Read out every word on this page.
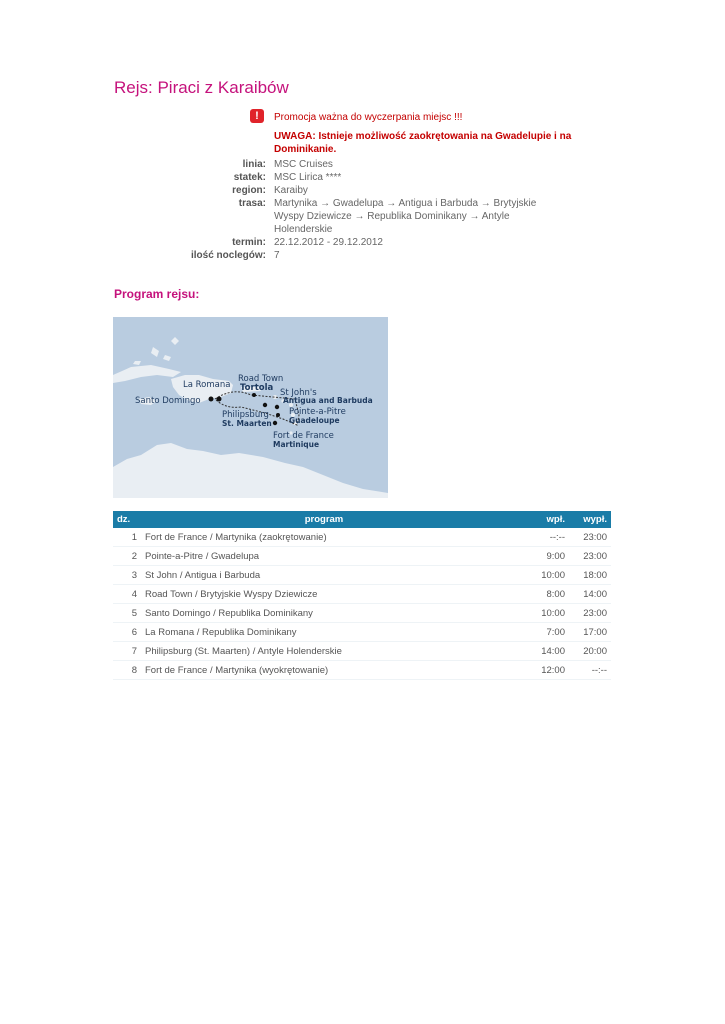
Rejs: Piraci z Karaibów
!	Promocja ważna do wyczerpania miejsc !!!
UWAGA: Istnieje możliwość zaokrętowania na Gwadelupie i na Dominikanie.
linia: MSC Cruises
statek: MSC Lirica ****
region: Karaiby
trasa: Martynika → Gwadelupa → Antigua i Barbuda → Brytyjskie Wyspy Dziewicze → Republika Dominikany → Antyle Holenderskie
termin: 22.12.2012 - 29.12.2012
ilość noclegów: 7
Program rejsu:
La Romana
Road Town
Tortola St John's
Antigua and Barbuda
Santo Domingo
Philipsburg
St. Maarten
Pointe-a-Pitre
Guadeloupe
Fort de France
Martinique
dz.	program	wpł.	wypł.
1	Fort de France / Martynika (zaokrętowanie)	--:--	23:00
2	Pointe-a-Pitre / Gwadelupa	9:00	23:00
3	St John / Antigua i Barbuda	10:00	18:00
4	Road Town / Brytyjskie Wyspy Dziewicze	8:00	14:00
5	Santo Domingo / Republika Dominikany	10:00	23:00
6	La Romana / Republika Dominikany	7:00	17:00
7	Philipsburg (St. Maarten) / Antyle Holenderskie	14:00	20:00
8	Fort de France / Martynika (wyokrętowanie)	12:00	--:--
